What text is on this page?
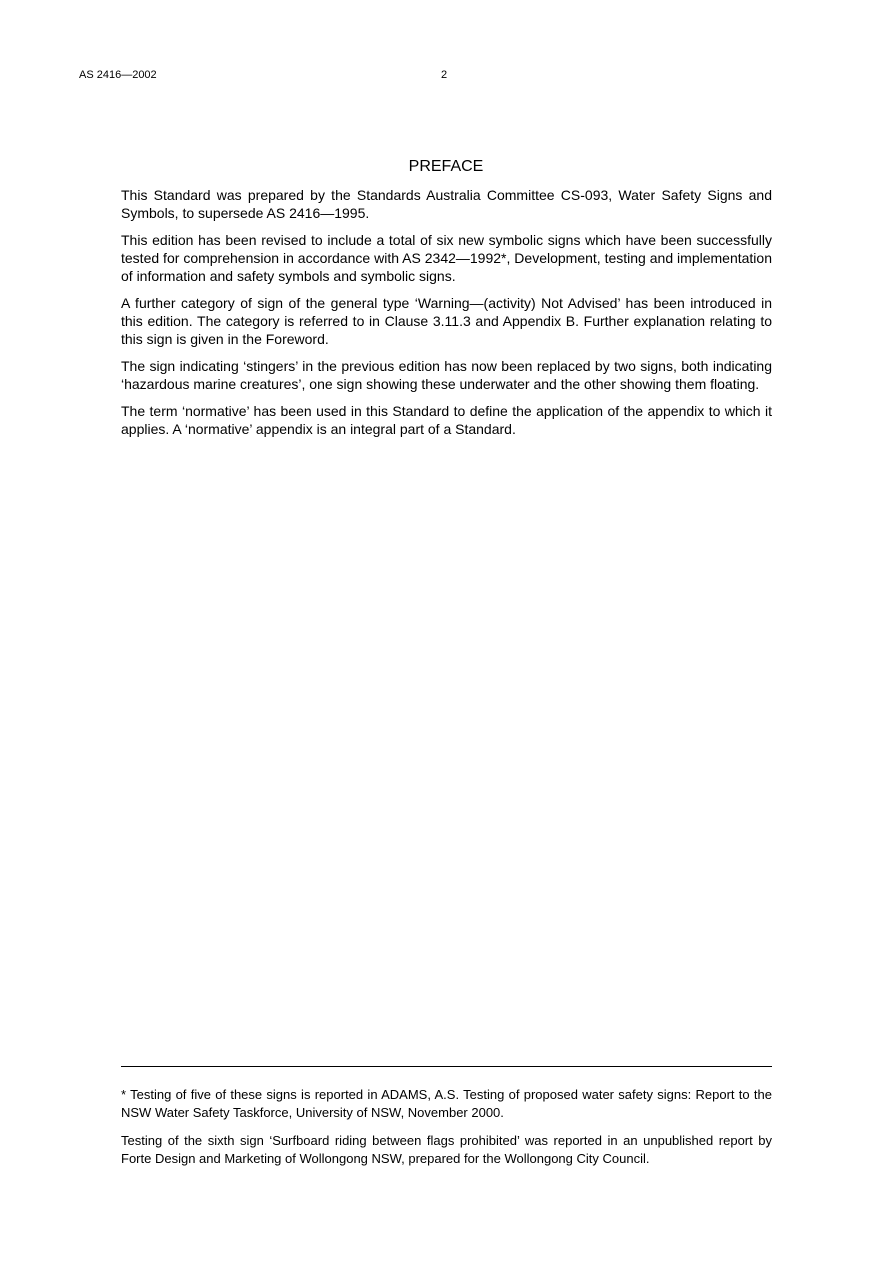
AS 2416—2002	2
PREFACE

This Standard was prepared by the Standards Australia Committee CS-093, Water Safety Signs and Symbols, to supersede AS 2416—1995.

This edition has been revised to include a total of six new symbolic signs which have been successfully tested for comprehension in accordance with AS 2342—1992*, Development, testing and implementation of information and safety symbols and symbolic signs.

A further category of sign of the general type ‘Warning—(activity) Not Advised’ has been introduced in this edition. The category is referred to in Clause 3.11.3 and Appendix B. Further explanation relating to this sign is given in the Foreword.

The sign indicating ‘stingers’ in the previous edition has now been replaced by two signs, both indicating ‘hazardous marine creatures’, one sign showing these underwater and the other showing them floating.

The term ‘normative’ has been used in this Standard to define the application of the appendix to which it applies. A ‘normative’ appendix is an integral part of a Standard.

* Testing of five of these signs is reported in ADAMS, A.S. Testing of proposed water safety signs: Report to the NSW Water Safety Taskforce, University of NSW, November 2000.

Testing of the sixth sign ‘Surfboard riding between flags prohibited’ was reported in an unpublished report by Forte Design and Marketing of Wollongong NSW, prepared for the Wollongong City Council.
